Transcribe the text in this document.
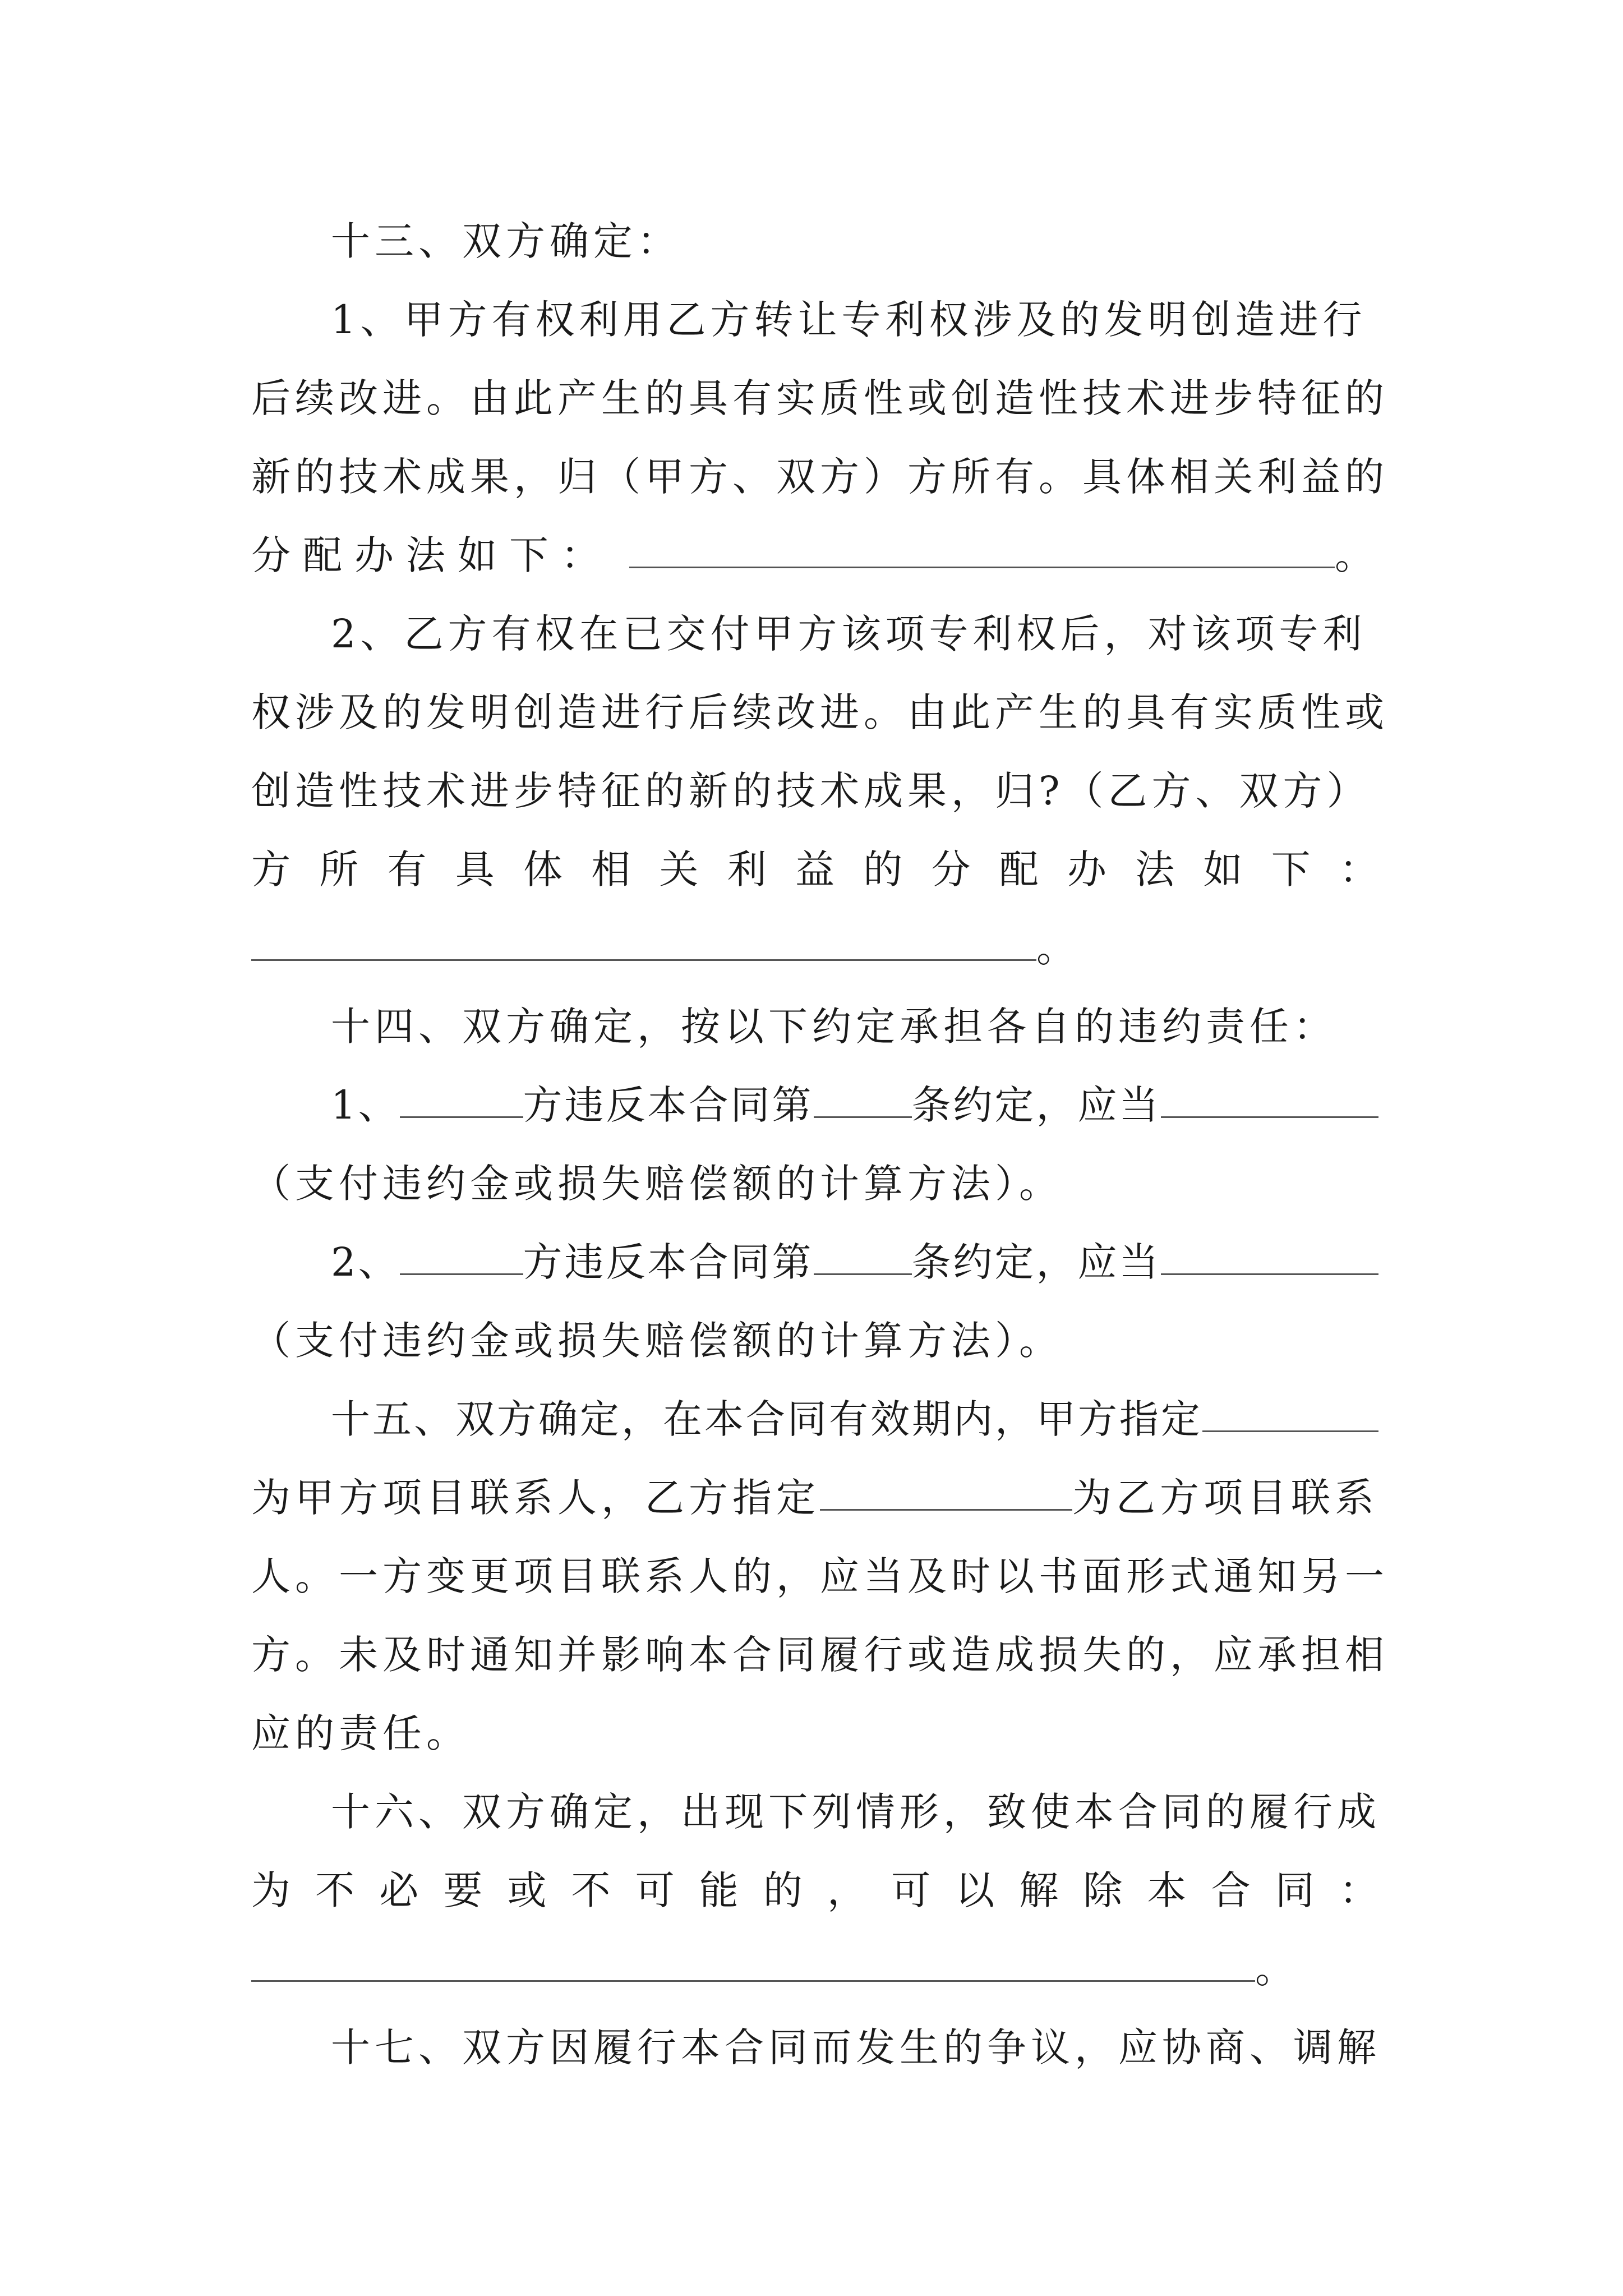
十三、双方确定：
1、甲方有权利用乙方转让专利权涉及的发明创造进行
后续改进。由此产生的具有实质性或创造性技术进步特征的
新的技术成果，归（甲方、双方）方所有。具体相关利益的
分配办法如下：	。
2、乙方有权在已交付甲方该项专利权后，对该项专利
权涉及的发明创造进行后续改进。由此产生的具有实质性或
创造性技术进步特征的新的技术成果，归?（乙方、双方）
方 所 有 具 体 相 关 利 益 的 分 配 办 法 如 下 ：
。
十四、双方确定，按以下约定承担各自的违约责任：
1、	方违反本合同第	条约定，应当
（支付违约金或损失赔偿额的计算方法）。
2、	方违反本合同第	条约定，应当
（支付违约金或损失赔偿额的计算方法）。
十五、双方确定，在本合同有效期内，甲方指定
为甲方项目联系人，乙方指定	为乙方项目联系
人。一方变更项目联系人的，应当及时以书面形式通知另一
方。未及时通知并影响本合同履行或造成损失的，应承担相
应的责任。
十六、双方确定，出现下列情形，致使本合同的履行成
为 不 必 要 或 不 可 能 的 ， 可 以 解 除 本 合 同 ：
。
十七、双方因履行本合同而发生的争议，应协商、调解
